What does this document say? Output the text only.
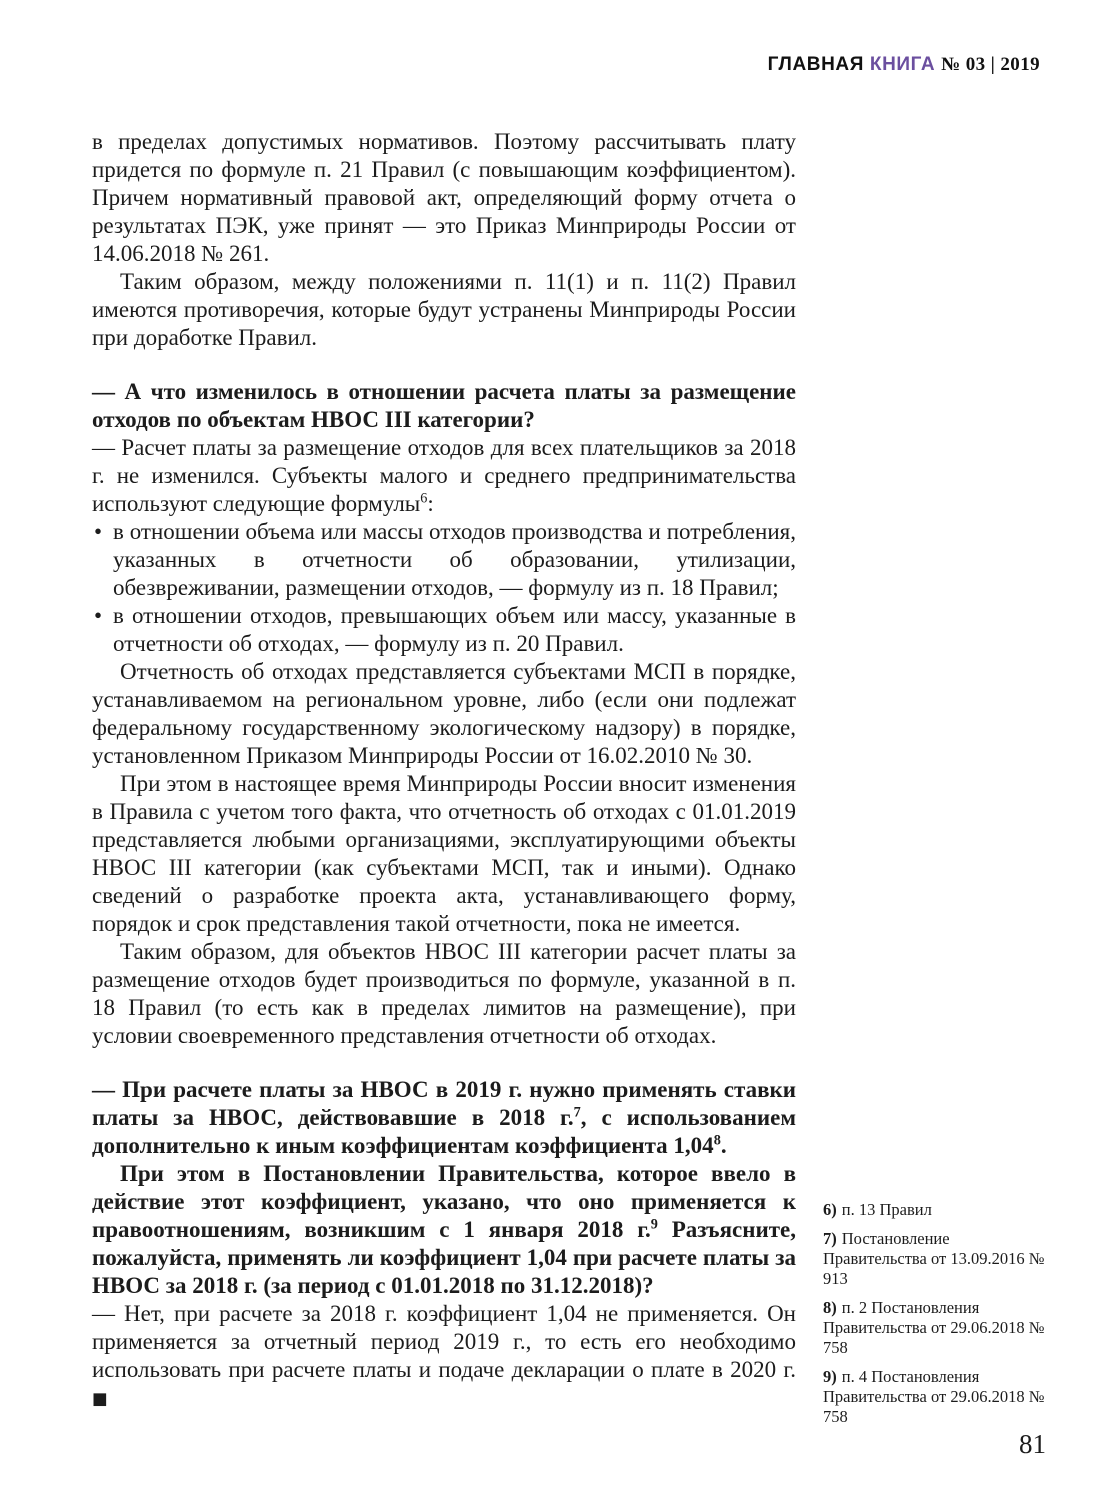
ГЛАВНАЯ КНИГА № 03 | 2019

в пределах допустимых нормативов. Поэтому рассчитывать плату придется по формуле п. 21 Правил (с повышающим коэффициентом). Причем нормативный правовой акт, определяющий форму отчета о результатах ПЭК, уже принят — это Приказ Минприроды России от 14.06.2018 № 261.

Таким образом, между положениями п. 11(1) и п. 11(2) Правил имеются противоречия, которые будут устранены Минприроды России при доработке Правил.

— А что изменилось в отношении расчета платы за размещение отходов по объектам НВОС III категории?

— Расчет платы за размещение отходов для всех плательщиков за 2018 г. не изменился. Субъекты малого и среднего предпринимательства используют следующие формулы$^6$:

• в отношении объема или массы отходов производства и потребления, указанных в отчетности об образовании, утилизации, обезвреживании, размещении отходов, — формулу из п. 18 Правил;
• в отношении отходов, превышающих объем или массу, указанные в отчетности об отходах, — формулу из п. 20 Правил.

Отчетность об отходах представляется субъектами МСП в порядке, устанавливаемом на региональном уровне, либо (если они подлежат федеральному государственному экологическому надзору) в порядке, установленном Приказом Минприроды России от 16.02.2010 № 30.

При этом в настоящее время Минприроды России вносит изменения в Правила с учетом того факта, что отчетность об отходах с 01.01.2019 представляется любыми организациями, эксплуатирующими объекты НВОС III категории (как субъектами МСП, так и иными). Однако сведений о разработке проекта акта, устанавливающего форму, порядок и срок представления такой отчетности, пока не имеется.

Таким образом, для объектов НВОС III категории расчет платы за размещение отходов будет производиться по формуле, указанной в п. 18 Правил (то есть как в пределах лимитов на размещение), при условии своевременного представления отчетности об отходах.

— При расчете платы за НВОС в 2019 г. нужно применять ставки платы за НВОС, действовавшие в 2018 г.$^7$, с использованием дополнительно к иным коэффициентам коэффициента 1,04$^8$.

При этом в Постановлении Правительства, которое ввело в действие этот коэффициент, указано, что оно применяется к правоотношениям, возникшим с 1 января 2018 г.$^9$ Разъясните, пожалуйста, применять ли коэффициент 1,04 при расчете платы за НВОС за 2018 г. (за период с 01.01.2018 по 31.12.2018)?

— Нет, при расчете за 2018 г. коэффициент 1,04 не применяется. Он применяется за отчетный период 2019 г., то есть его необходимо использовать при расчете платы и подаче декларации о плате в 2020 г. ■

6) п. 13 Правил
7) Постановление Правительства от 13.09.2016 № 913
8) п. 2 Постановления Правительства от 29.06.2018 № 758
9) п. 4 Постановления Правительства от 29.06.2018 № 758
81
